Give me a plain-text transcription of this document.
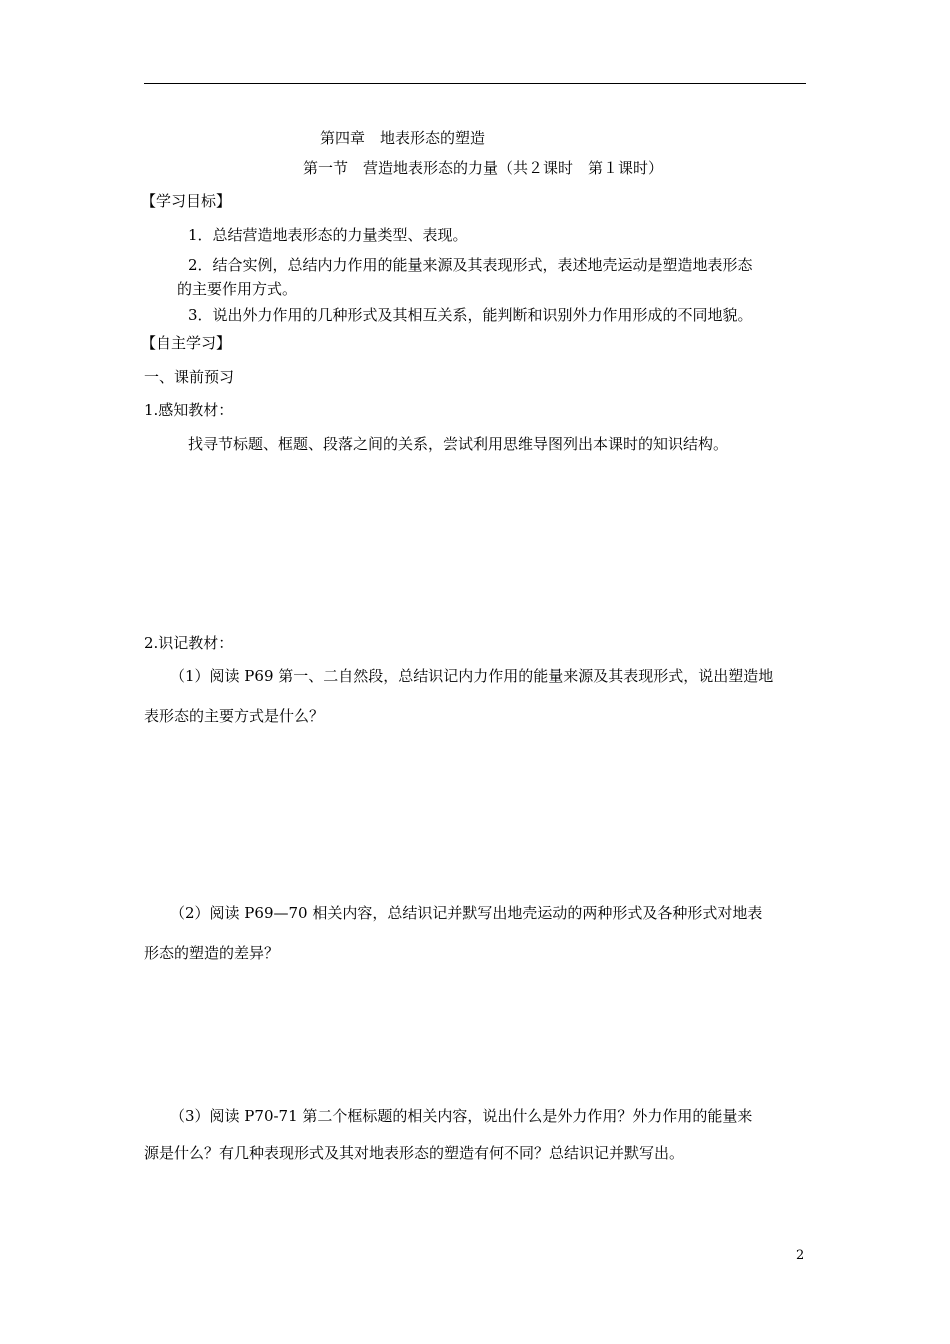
第四章　地表形态的塑造
第一节　营造地表形态的力量（共２课时　第１课时）
【学习目标】
1．总结营造地表形态的力量类型、表现。
2．结合实例，总结内力作用的能量来源及其表现形式，表述地壳运动是塑造地表形态
的主要作用方式。
3．说出外力作用的几种形式及其相互关系，能判断和识别外力作用形成的不同地貌。
【自主学习】
一、课前预习
1.感知教材：
找寻节标题、框题、段落之间的关系，尝试利用思维导图列出本课时的知识结构。
2.识记教材：
（1）阅读 P69 第一、二自然段，总结识记内力作用的能量来源及其表现形式，说出塑造地
表形态的主要方式是什么？
（2）阅读 P69—70 相关内容，总结识记并默写出地壳运动的两种形式及各种形式对地表
形态的塑造的差异？
（3）阅读 P70-71 第二个框标题的相关内容，说出什么是外力作用？外力作用的能量来
源是什么？有几种表现形式及其对地表形态的塑造有何不同？总结识记并默写出。
2
